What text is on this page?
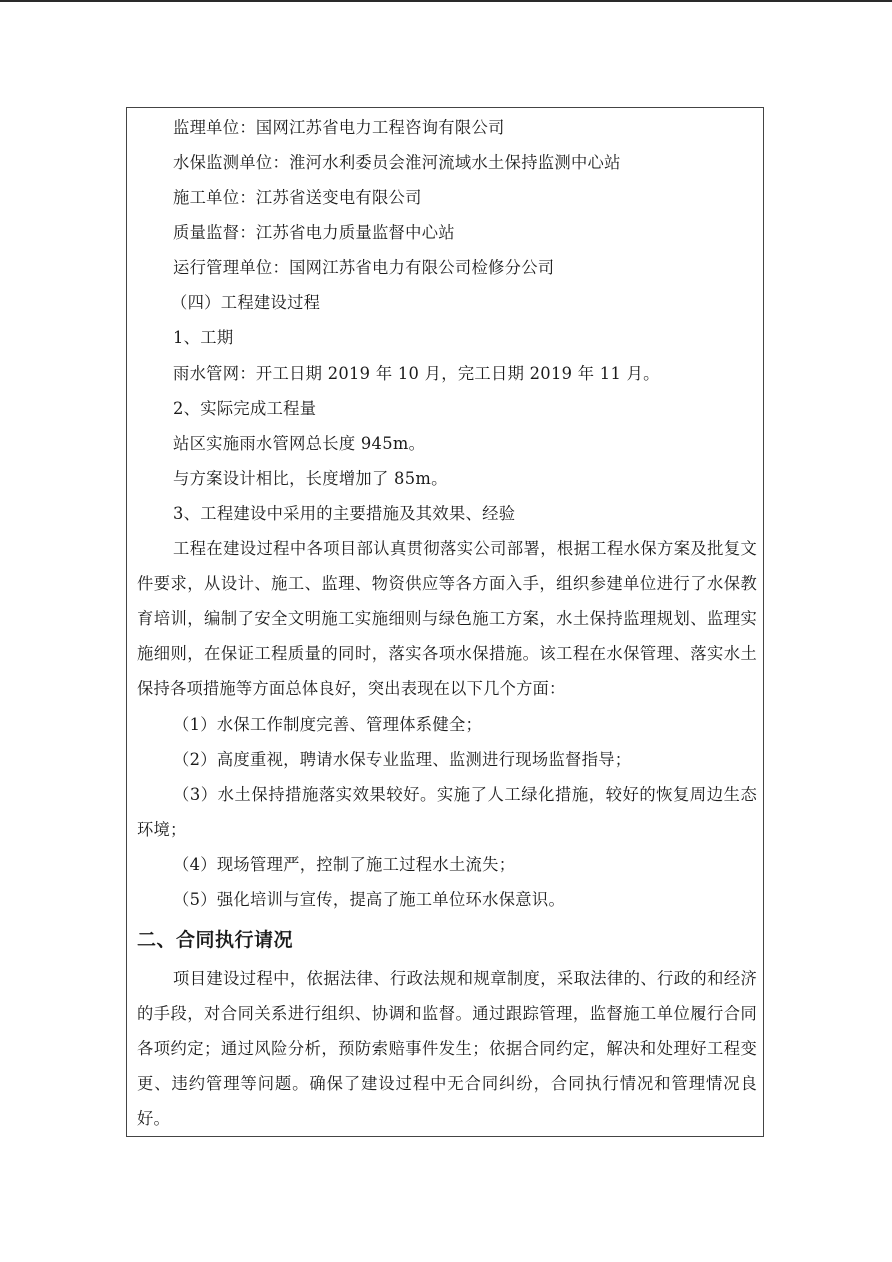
监理单位：国网江苏省电力工程咨询有限公司
水保监测单位：淮河水利委员会淮河流域水土保持监测中心站
施工单位：江苏省送变电有限公司
质量监督：江苏省电力质量监督中心站
运行管理单位：国网江苏省电力有限公司检修分公司
（四）工程建设过程
1、工期
雨水管网：开工日期 2019 年 10 月，完工日期 2019 年 11 月。
2、实际完成工程量
站区实施雨水管网总长度 945m。
与方案设计相比，长度增加了 85m。
3、工程建设中采用的主要措施及其效果、经验
工程在建设过程中各项目部认真贯彻落实公司部署，根据工程水保方案及批复文件要求，从设计、施工、监理、物资供应等各方面入手，组织参建单位进行了水保教育培训，编制了安全文明施工实施细则与绿色施工方案，水土保持监理规划、监理实施细则，在保证工程质量的同时，落实各项水保措施。该工程在水保管理、落实水土保持各项措施等方面总体良好，突出表现在以下几个方面：
（1）水保工作制度完善、管理体系健全；
（2）高度重视，聘请水保专业监理、监测进行现场监督指导；
（3）水土保持措施落实效果较好。实施了人工绿化措施，较好的恢复周边生态环境；
（4）现场管理严，控制了施工过程水土流失；
（5）强化培训与宣传，提高了施工单位环水保意识。
二、合同执行请况
项目建设过程中，依据法律、行政法规和规章制度，采取法律的、行政的和经济的手段，对合同关系进行组织、协调和监督。通过跟踪管理，监督施工单位履行合同各项约定；通过风险分析，预防索赔事件发生；依据合同约定，解决和处理好工程变更、违约管理等问题。确保了建设过程中无合同纠纷，合同执行情况和管理情况良好。
